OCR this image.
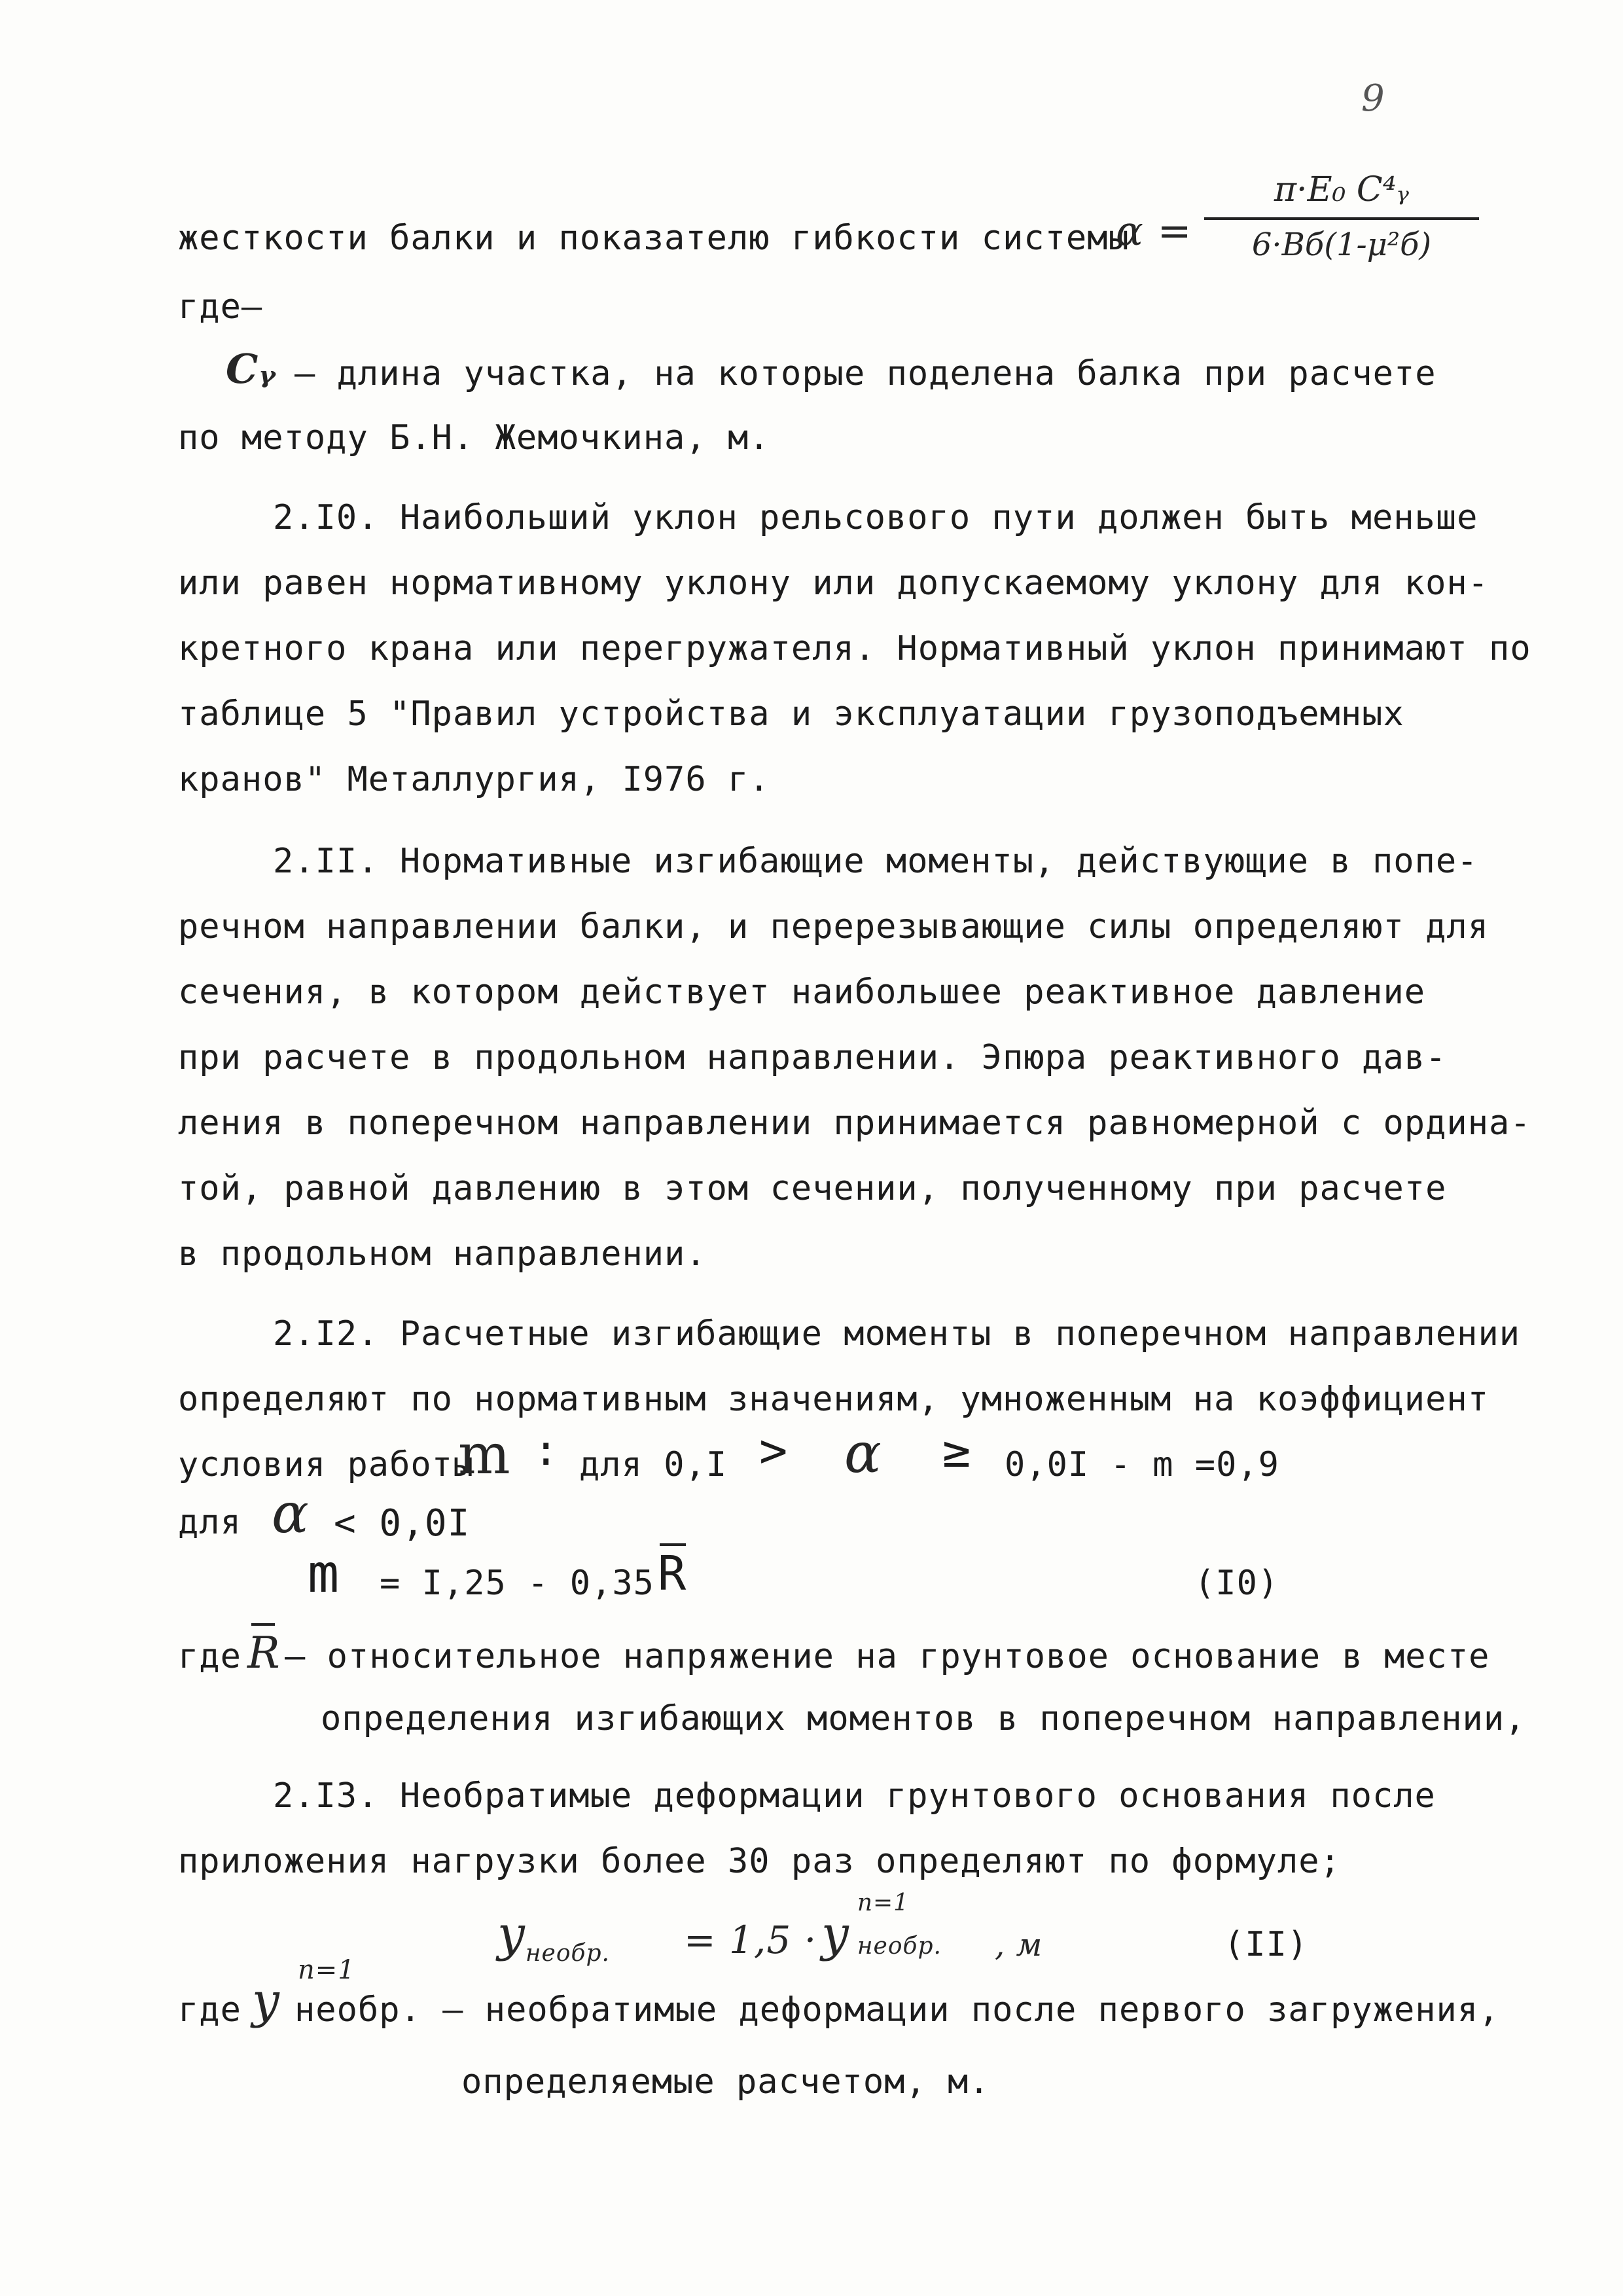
9
жесткости балки и показателю гибкости системы
α =
π·E₀ C⁴ᵧ
6·Bб(1-μ²б)
где–
Cᵧ – длина участка, на которые поделена балка при расчете
по методу Б.Н. Жемочкина, м.
2.I0. Наибольший уклон рельсового пути должен быть меньше
или равен нормативному уклону или допускаемому уклону для кон-
кретного крана или перегружателя. Нормативный уклон принимают по
таблице 5 "Правил устройства и эксплуатации грузоподъемных
кранов" Металлургия, I976 г.
2.II. Нормативные изгибающие моменты, действующие в попе-
речном направлении балки, и перерезывающие силы определяют для
сечения, в котором действует наибольшее реактивное давление
при расчете в продольном направлении. Эпюра реактивного дав-
ления в поперечном направлении принимается равномерной с ордина-
той, равной давлению в этом сечении, полученному при расчете
в продольном направлении.
2.I2. Расчетные изгибающие моменты в поперечном направлении
определяют по нормативным значениям, умноженным на коэффициент
условия работы
m : для 0,I > α ≥ 0,0I - m =0,9
для α < 0,0I
m = I,25 - 0,35 R	(I0)
где R – относительное напряжение на грунтовое основание в месте
определения изгибающих моментов в поперечном направлении,
2.I3. Необратимые деформации грунтового основания после
приложения нагрузки более 30 раз определяют по формуле;
$y_{необр.} = 1,5 \cdot y$
n=1
необр. , м	(II)
где y
n=1
необр. – необратимые деформации после первого загружения,
определяемые расчетом, м.
